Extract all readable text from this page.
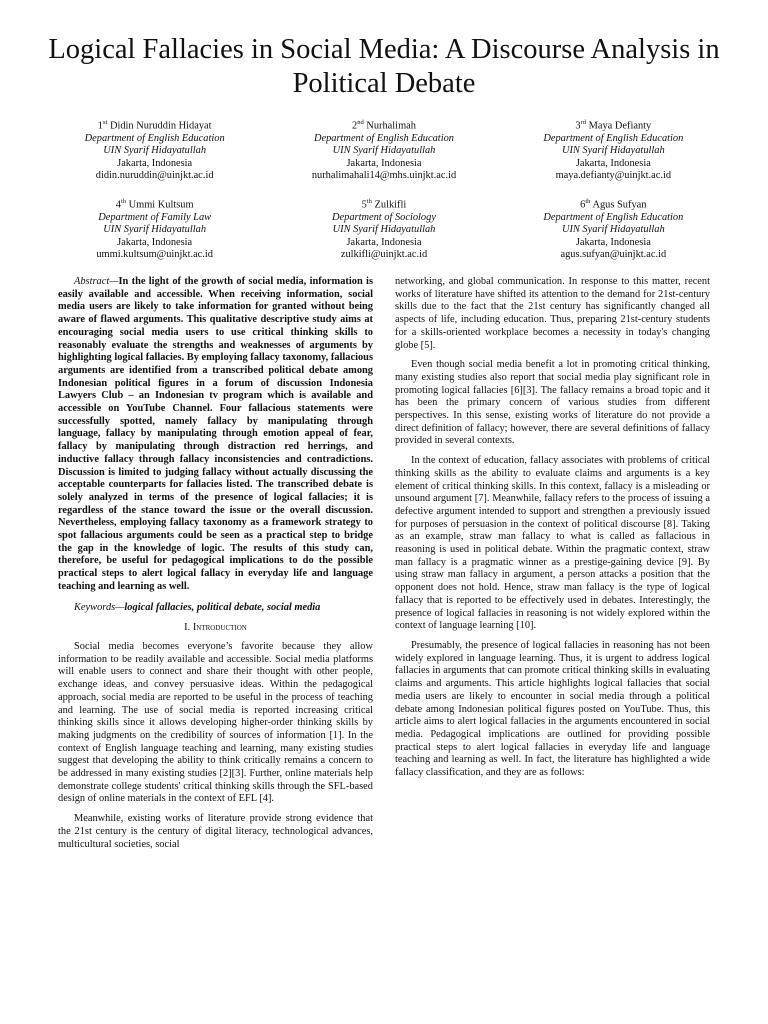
Logical Fallacies in Social Media: A Discourse Analysis in Political Debate
1st Didin Nuruddin Hidayat
Department of English Education
UIN Syarif Hidayatullah
Jakarta, Indonesia
didin.nuruddin@uinjkt.ac.id
2nd Nurhalimah
Department of English Education
UIN Syarif Hidayatullah
Jakarta, Indonesia
nurhalimahali14@mhs.uinjkt.ac.id
3rd Maya Defianty
Department of English Education
UIN Syarif Hidayatullah
Jakarta, Indonesia
maya.defianty@uinjkt.ac.id
4th Ummi Kultsum
Department of Family Law
UIN Syarif Hidayatullah
Jakarta, Indonesia
ummi.kultsum@uinjkt.ac.id
5th Zulkifli
Department of Sociology
UIN Syarif Hidayatullah
Jakarta, Indonesia
zulkifli@uinjkt.ac.id
6th Agus Sufyan
Department of English Education
UIN Syarif Hidayatullah
Jakarta, Indonesia
agus.sufyan@uinjkt.ac.id

Abstract—In the light of the growth of social media, information is easily available and accessible. When receiving information, social media users are likely to take information for granted without being aware of flawed arguments. This qualitative descriptive study aims at encouraging social media users to use critical thinking skills to reasonably evaluate the strengths and weaknesses of arguments by highlighting logical fallacies. By employing fallacy taxonomy, fallacious arguments are identified from a transcribed political debate among Indonesian political figures in a forum of discussion Indonesia Lawyers Club – an Indonesian tv program which is available and accessible on YouTube Channel. Four fallacious statements were successfully spotted, namely fallacy by manipulating through language, fallacy by manipulating through emotion appeal of fear, fallacy by manipulating through distraction red herrings, and inductive fallacy through fallacy inconsistencies and contradictions. Discussion is limited to judging fallacy without actually discussing the acceptable counterparts for fallacies listed. The transcribed debate is solely analyzed in terms of the presence of logical fallacies; it is regardless of the stance toward the issue or the overall discussion. Nevertheless, employing fallacy taxonomy as a framework strategy to spot fallacious arguments could be seen as a practical step to bridge the gap in the knowledge of logic. The results of this study can, therefore, be useful for pedagogical implications to do the possible practical steps to alert logical fallacy in everyday life and language teaching and learning as well.

Keywords—logical fallacies, political debate, social media

I. Introduction

Social media becomes everyone’s favorite because they allow information to be readily available and accessible. Social media platforms will enable users to connect and share their thought with other people, exchange ideas, and convey persuasive ideas. Within the pedagogical approach, social media are reported to be useful in the process of teaching and learning. The use of social media is reported increasing critical thinking skills since it allows developing higher-order thinking skills by making judgments on the credibility of sources of information [1]. In the context of English language teaching and learning, many existing studies suggest that developing the ability to think critically remains a concern to be addressed in many existing studies [2][3]. Further, online materials help demonstrate college students' critical thinking skills through the SFL-based design of online materials in the context of EFL [4].

Meanwhile, existing works of literature provide strong evidence that the 21st century is the century of digital literacy, technological advances, multicultural societies, social

networking, and global communication. In response to this matter, recent works of literature have shifted its attention to the demand for 21st-century skills due to the fact that the 21st century has significantly changed all aspects of life, including education. Thus, preparing 21st-century students for a skills-oriented workplace becomes a necessity in today's changing globe [5].

Even though social media benefit a lot in promoting critical thinking, many existing studies also report that social media play significant role in promoting logical fallacies [6][3]. The fallacy remains a broad topic and it has been the primary concern of various studies from different perspectives. In this sense, existing works of literature do not provide a direct definition of fallacy; however, there are several definitions of fallacy provided in several contexts.

In the context of education, fallacy associates with problems of critical thinking skills as the ability to evaluate claims and arguments is a key element of critical thinking skills. In this context, fallacy is a misleading or unsound argument [7]. Meanwhile, fallacy refers to the process of issuing a defective argument intended to support and strengthen a previously issued for purposes of persuasion in the context of political discourse [8]. Taking as an example, straw man fallacy to what is called as fallacious in reasoning is used in political debate. Within the pragmatic context, straw man fallacy is a pragmatic winner as a prestige-gaining device [9]. By using straw man fallacy in argument, a person attacks a position that the opponent does not hold. Hence, straw man fallacy is the type of logical fallacy that is reported to be effectively used in debates. Interestingly, the presence of logical fallacies in reasoning is not widely explored within the context of language learning [10].

Presumably, the presence of logical fallacies in reasoning has not been widely explored in language learning. Thus, it is urgent to address logical fallacies in arguments that can promote critical thinking skills in evaluating claims and arguments. This article highlights logical fallacies that social media users are likely to encounter in social media through a political debate among Indonesian political figures posted on YouTube. Thus, this article aims to alert logical fallacies in the arguments encountered in social media. Pedagogical implications are outlined for providing possible practical steps to alert logical fallacies in everyday life and language teaching and learning as well. In fact, the literature has highlighted a wide fallacy classification, and they are as follows:
